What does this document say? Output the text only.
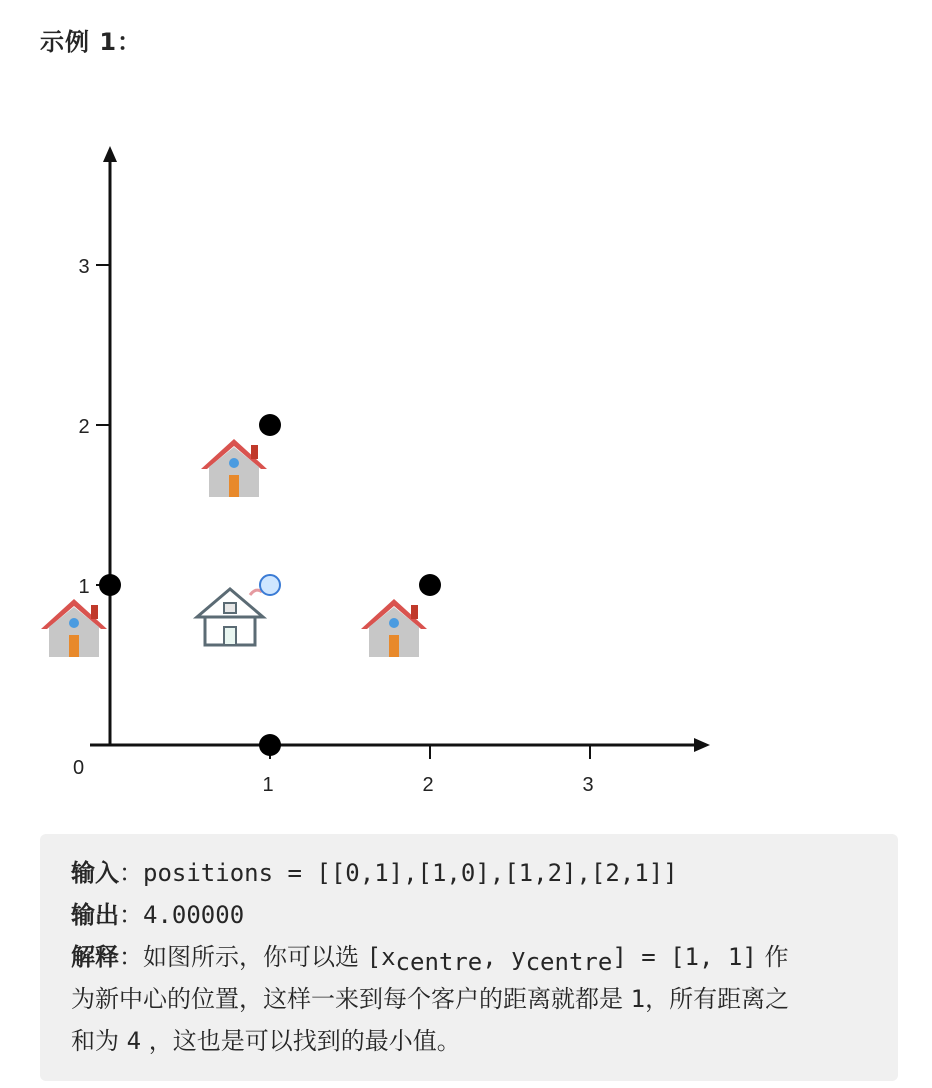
示例 1：
1	2	3
1
2
3
0
输入：positions = [[0,1],[1,0],[1,2],[2,1]]
输出：4.00000
解释：如图所示，你可以选 [xcentre, ycentre] = [1, 1] 作
为新中心的位置，这样一来到每个客户的距离就都是 1，所有距离之
和为 4 ，这也是可以找到的最小值。
